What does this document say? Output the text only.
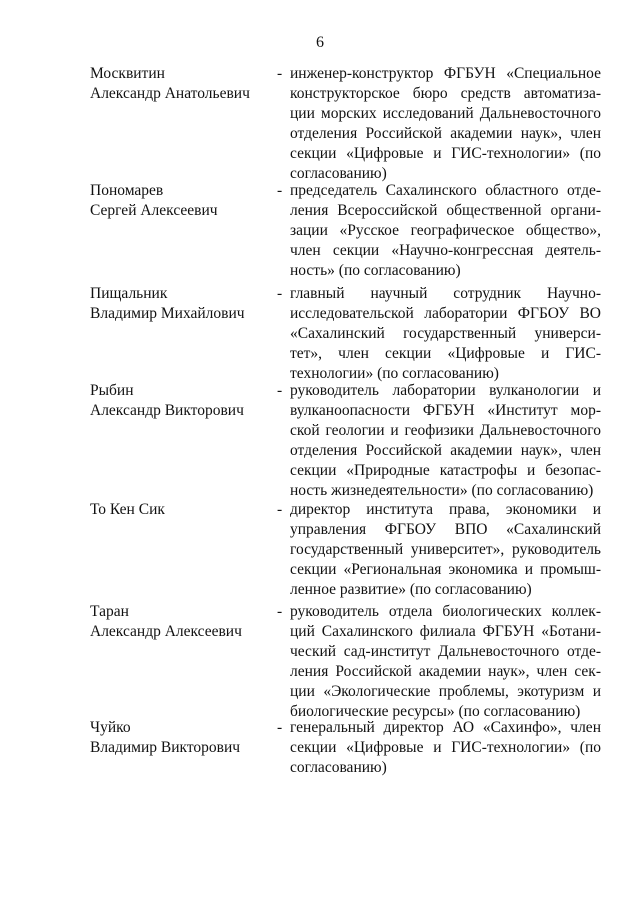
6
Москвитин
Александр Анатольевич
- инженер-конструктор ФГБУН «Специальное
конструкторское бюро средств автоматиза-
ции морских исследований Дальневосточного
отделения Российской академии наук», член
секции «Цифровые и ГИС-технологии» (по
согласованию)
Пономарев
Сергей Алексеевич
- председатель Сахалинского областного отде-
ления Всероссийской общественной органи-
зации «Русское географическое общество»,
член секции «Научно-конгрессная деятель-
ность» (по согласованию)
Пищальник
Владимир Михайлович
- главный научный сотрудник Научно-
исследовательской лаборатории ФГБОУ ВО
«Сахалинский государственный универси-
тет», член секции «Цифровые и ГИС-
технологии» (по согласованию)
Рыбин
Александр Викторович
- руководитель лаборатории вулканологии и
вулканоопасности ФГБУН «Институт мор-
ской геологии и геофизики Дальневосточного
отделения Российской академии наук», член
секции «Природные катастрофы и безопас-
ность жизнедеятельности» (по согласованию)
То Кен Сик	- директор института права, экономики и
управления ФГБОУ ВПО «Сахалинский
государственный университет», руководитель
секции «Региональная экономика и промыш-
ленное развитие» (по согласованию)
Таран
Александр Алексеевич
- руководитель отдела биологических коллек-
ций Сахалинского филиала ФГБУН «Ботани-
ческий сад-институт Дальневосточного отде-
ления Российской академии наук», член сек-
ции «Экологические проблемы, экотуризм и
биологические ресурсы» (по согласованию)
Чуйко
Владимир Викторович
- генеральный директор АО «Сахинфо», член
секции «Цифровые и ГИС-технологии» (по
согласованию)
